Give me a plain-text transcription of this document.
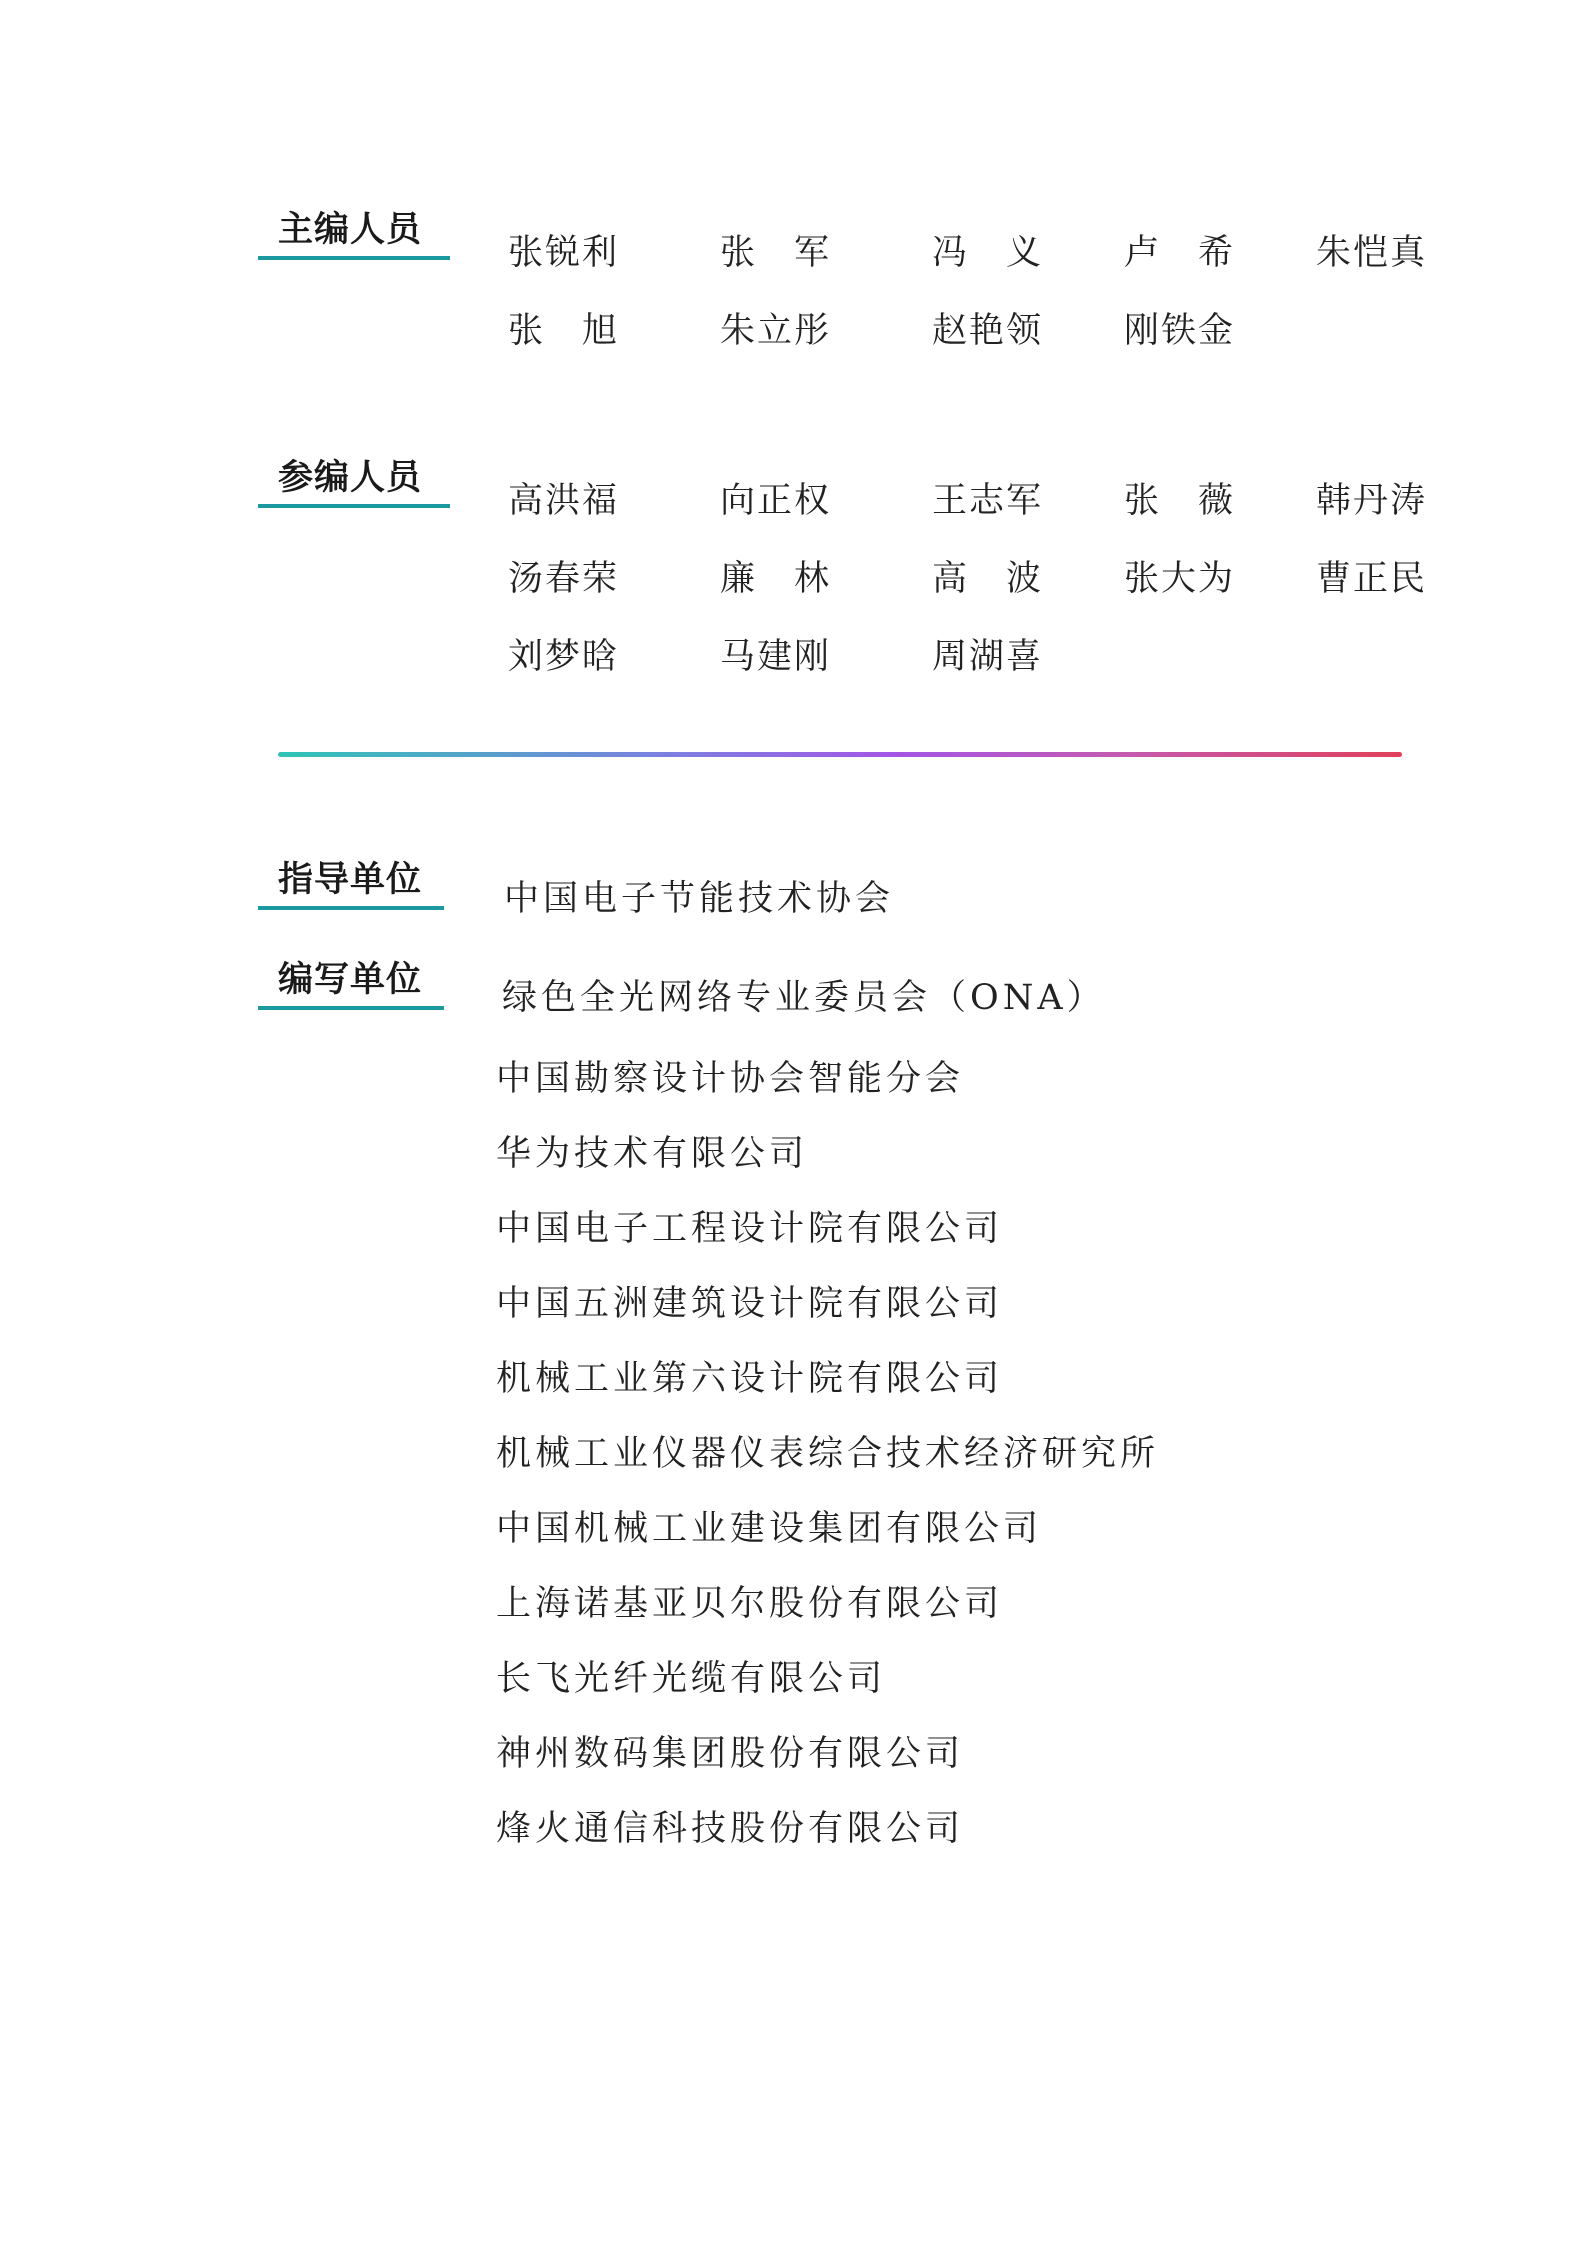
主编人员
张锐利	张　军	冯　义	卢　希	朱恺真
张　旭	朱立彤	赵艳领	刚铁金
参编人员
高洪福	向正权	王志军	张　薇	韩丹涛
汤春荣	廉　林	高　波	张大为	曹正民
刘梦晗	马建刚	周湖喜
指导单位	中国电子节能技术协会
编写单位	绿色全光网络专业委员会（ONA）
中国勘察设计协会智能分会
华为技术有限公司
中国电子工程设计院有限公司
中国五洲建筑设计院有限公司
机械工业第六设计院有限公司
机械工业仪器仪表综合技术经济研究所
中国机械工业建设集团有限公司
上海诺基亚贝尔股份有限公司
长飞光纤光缆有限公司
神州数码集团股份有限公司
烽火通信科技股份有限公司
